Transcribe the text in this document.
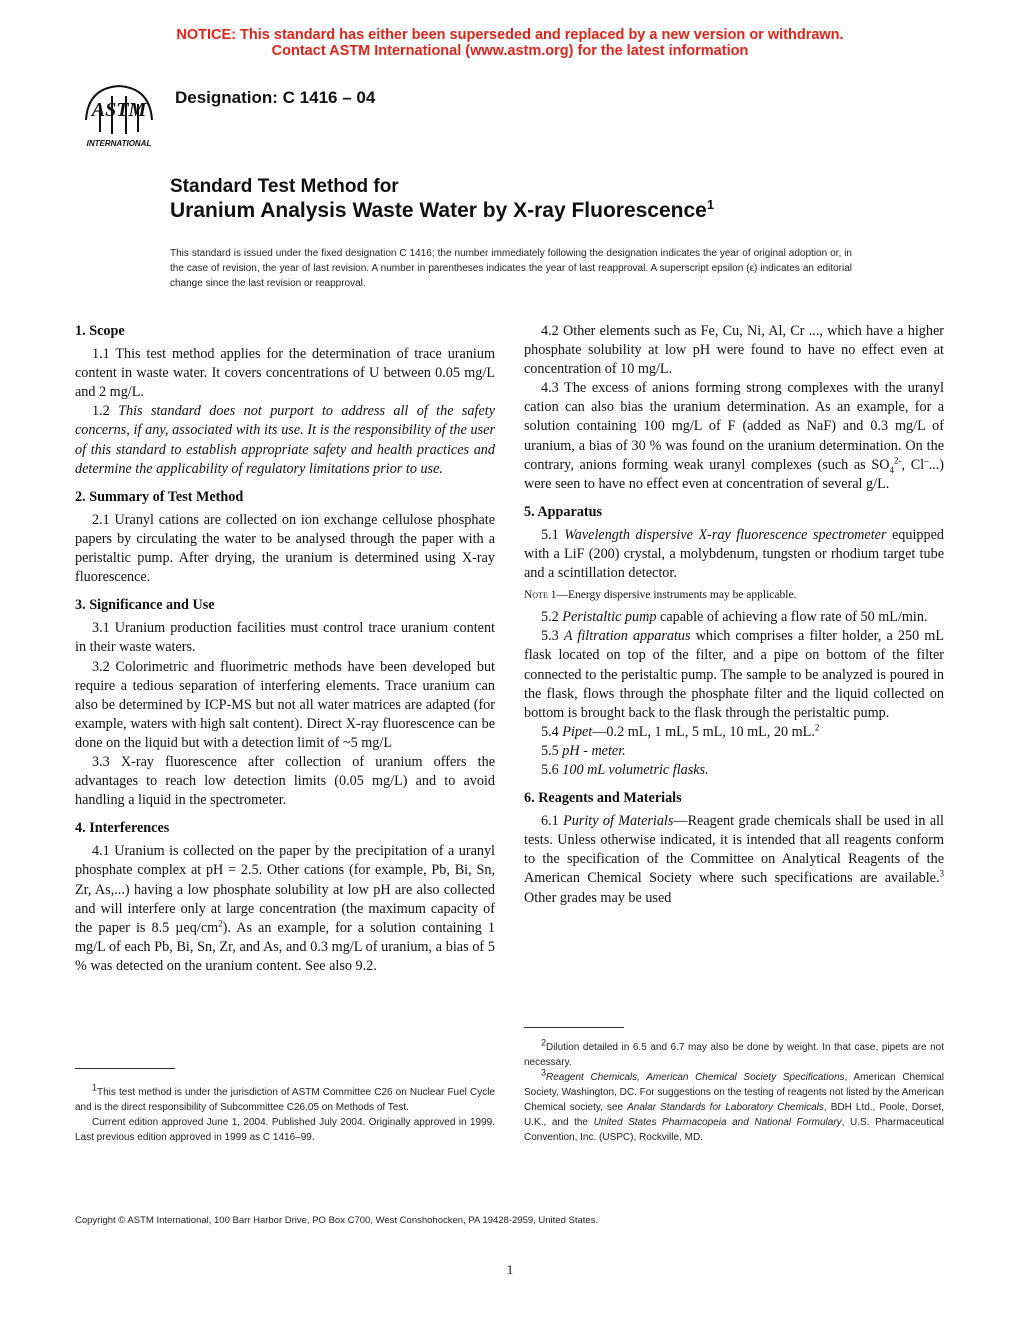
NOTICE: This standard has either been superseded and replaced by a new version or withdrawn.
Contact ASTM International (www.astm.org) for the latest information
ASTM
INTERNATIONAL
Designation: C 1416 – 04
Standard Test Method for
Uranium Analysis Waste Water by X-ray Fluorescence$^1$
This standard is issued under the fixed designation C 1416; the number immediately following the designation indicates the year of original adoption or, in the case of revision, the year of last revision. A number in parentheses indicates the year of last reapproval. A superscript epsilon (ε) indicates an editorial change since the last revision or reapproval.
1. Scope

1.1 This test method applies for the determination of trace uranium content in waste water. It covers concentrations of U between 0.05 mg/L and 2 mg/L.

1.2 This standard does not purport to address all of the safety concerns, if any, associated with its use. It is the responsibility of the user of this standard to establish appropriate safety and health practices and determine the applicability of regulatory limitations prior to use.

2. Summary of Test Method

2.1 Uranyl cations are collected on ion exchange cellulose phosphate papers by circulating the water to be analysed through the paper with a peristaltic pump. After drying, the uranium is determined using X-ray fluorescence.

3. Significance and Use

3.1 Uranium production facilities must control trace uranium content in their waste waters.

3.2 Colorimetric and fluorimetric methods have been developed but require a tedious separation of interfering elements. Trace uranium can also be determined by ICP-MS but not all water matrices are adapted (for example, waters with high salt content). Direct X-ray fluorescence can be done on the liquid but with a detection limit of ~5 mg/L

3.3 X-ray fluorescence after collection of uranium offers the advantages to reach low detection limits (0.05 mg/L) and to avoid handling a liquid in the spectrometer.

4. Interferences

4.1 Uranium is collected on the paper by the precipitation of a uranyl phosphate complex at pH = 2.5. Other cations (for example, Pb, Bi, Sn, Zr, As,...) having a low phosphate solubility at low pH are also collected and will interfere only at large concentration (the maximum capacity of the paper is 8.5 µeq/$cm^2$). As an example, for a solution containing 1 mg/L of each Pb, Bi, Sn, Zr, and As, and 0.3 mg/L of uranium, a bias of 5 % was detected on the uranium content. See also 9.2.

4.2 Other elements such as Fe, Cu, Ni, Al, Cr ..., which have a higher phosphate solubility at low pH were found to have no effect even at concentration of 10 mg/L.

4.3 The excess of anions forming strong complexes with the uranyl cation can also bias the uranium determination. As an example, for a solution containing 100 mg/L of F (added as NaF) and 0.3 mg/L of uranium, a bias of 30 % was found on the uranium determination. On the contrary, anions forming weak uranyl complexes (such as $SO_4^{2-}$, Cl–...) were seen to have no effect even at concentration of several g/L.

5. Apparatus

5.1 Wavelength dispersive X-ray fluorescence spectrometer equipped with a LiF (200) crystal, a molybdenum, tungsten or rhodium target tube and a scintillation detector.

Note 1—Energy dispersive instruments may be applicable.

5.2 Peristaltic pump capable of achieving a flow rate of 50 mL/min.

5.3 A filtration apparatus which comprises a filter holder, a 250 mL flask located on top of the filter, and a pipe on bottom of the filter connected to the peristaltic pump. The sample to be analyzed is poured in the flask, flows through the phosphate filter and the liquid collected on bottom is brought back to the flask through the peristaltic pump.

5.4 Pipet—0.2 mL, 1 mL, 5 mL, 10 mL, 20 mL.$^2$

5.5 pH - meter.

5.6 100 mL volumetric flasks.

6. Reagents and Materials

6.1 Purity of Materials—Reagent grade chemicals shall be used in all tests. Unless otherwise indicated, it is intended that all reagents conform to the specification of the Committee on Analytical Reagents of the American Chemical Society where such specifications are available.$^3$ Other grades may be used

$^1$This test method is under the jurisdiction of ASTM Committee C26 on Nuclear Fuel Cycle and is the direct responsibility of Subcommittee C26.05 on Methods of Test.

Current edition approved June 1, 2004. Published July 2004. Originally approved in 1999. Last previous edition approved in 1999 as C 1416–99.

$^2$Dilution detailed in 6.5 and 6.7 may also be done by weight. In that case, pipets are not necessary.

$^3$Reagent Chemicals, American Chemical Society Specifications, American Chemical Society, Washington, DC. For suggestions on the testing of reagents not listed by the American Chemical society, see Analar Standards for Laboratory Chemicals, BDH Ltd., Poole, Dorset, U.K., and the United States Pharmacopeia and National Formulary, U.S. Pharmaceutical Convention, Inc. (USPC), Rockville, MD.

Copyright © ASTM International, 100 Barr Harbor Drive, PO Box C700, West Conshohocken, PA 19428-2959, United States.
1
